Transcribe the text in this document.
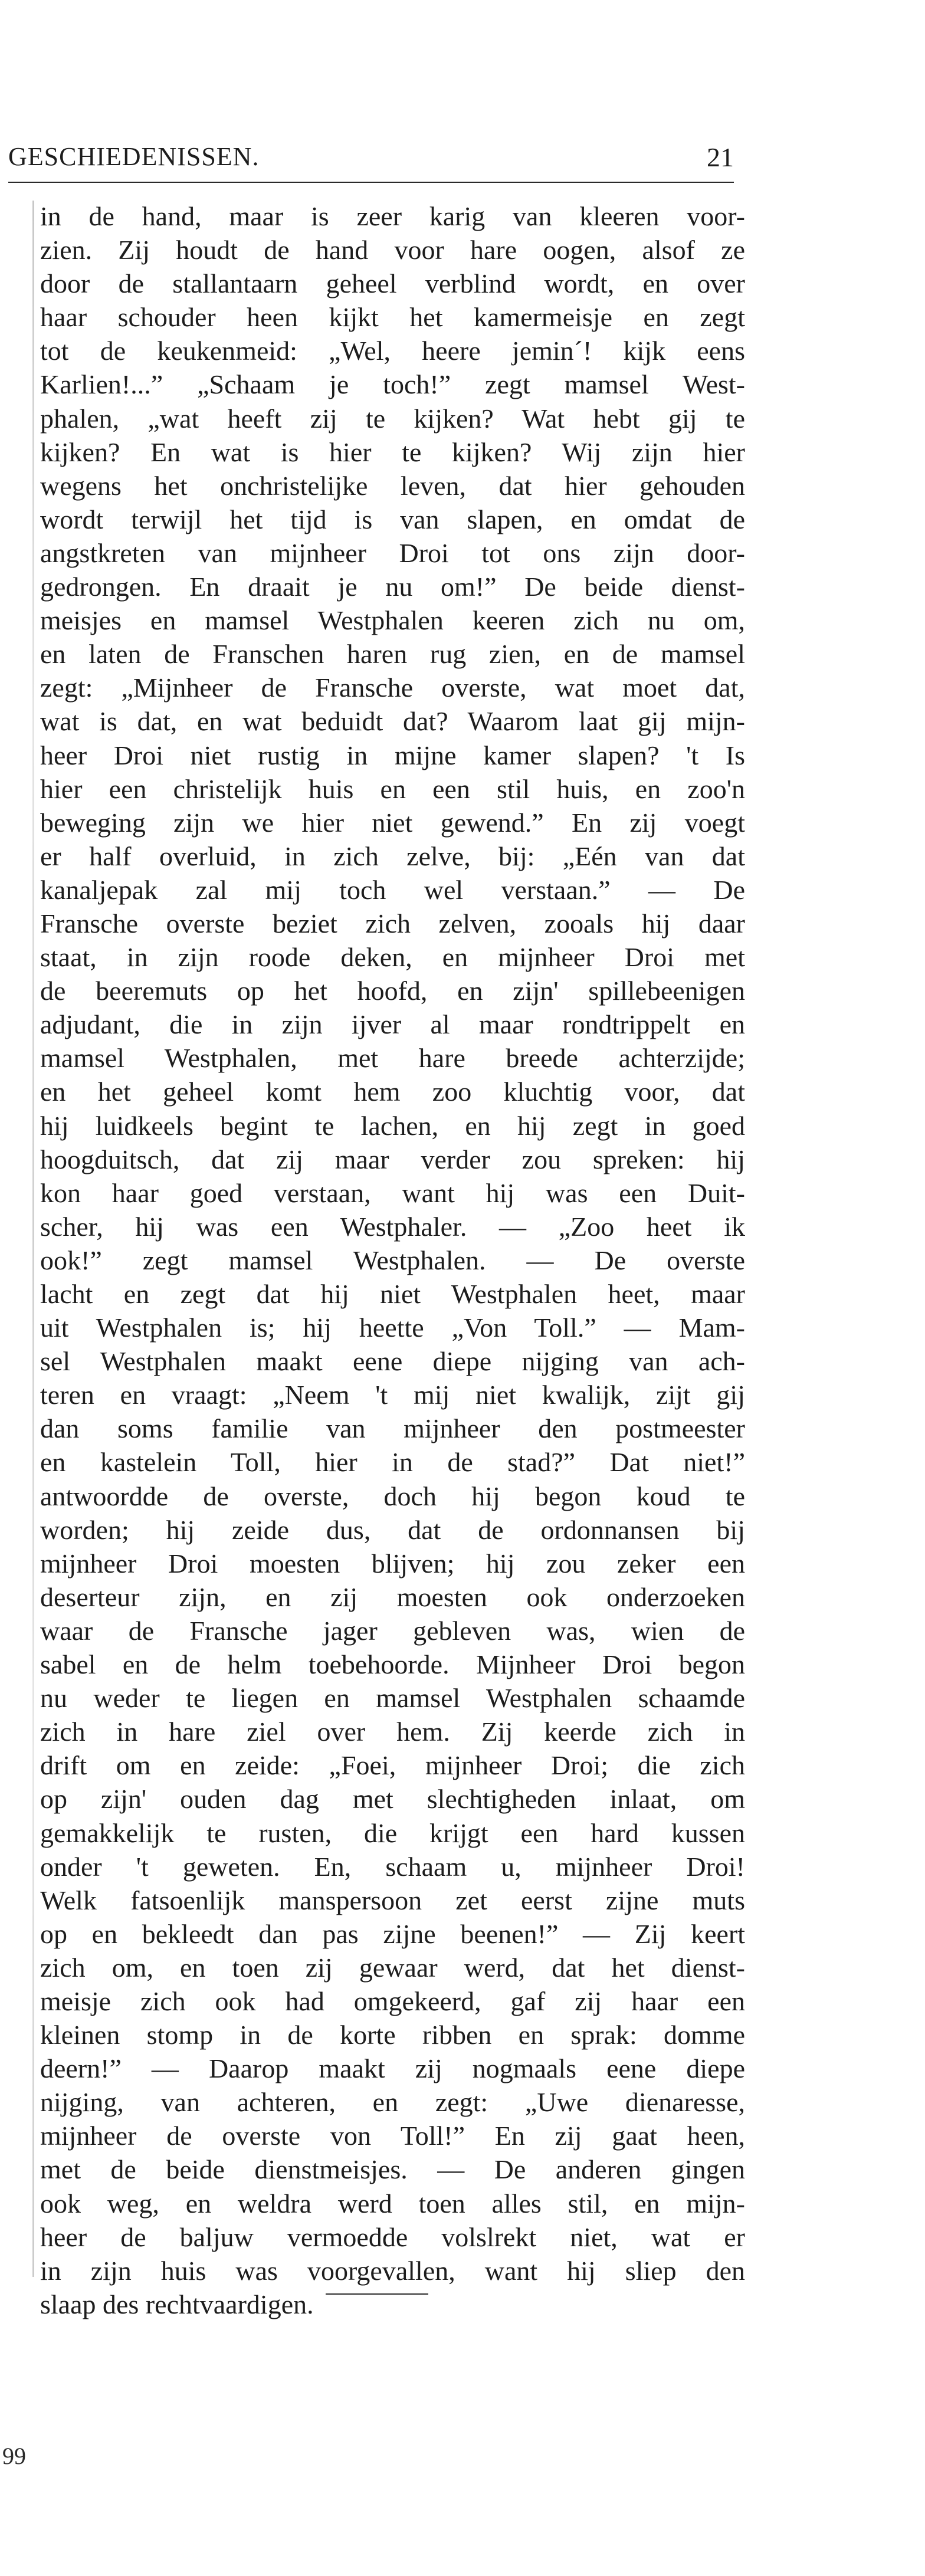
GESCHIEDENISSEN.	21
in de hand, maar is zeer karig van kleeren voor-
zien. Zij houdt de hand voor hare oogen, alsof ze
door de stallantaarn geheel verblind wordt, en over
haar schouder heen kijkt het kamermeisje en zegt
tot de keukenmeid: „Wel, heere jemin´! kijk eens
Karlien!...” „Schaam je toch!” zegt mamsel West-
phalen, „wat heeft zij te kijken? Wat hebt gij te
kijken? En wat is hier te kijken? Wij zijn hier
wegens het onchristelijke leven, dat hier gehouden
wordt terwijl het tijd is van slapen, en omdat de
angstkreten van mijnheer Droi tot ons zijn door-
gedrongen. En draait je nu om!” De beide dienst-
meisjes en mamsel Westphalen keeren zich nu om,
en laten de Franschen haren rug zien, en de mamsel
zegt: „Mijnheer de Fransche overste, wat moet dat,
wat is dat, en wat beduidt dat? Waarom laat gij mijn-
heer Droi niet rustig in mijne kamer slapen? 't Is
hier een christelijk huis en een stil huis, en zoo'n
beweging zijn we hier niet gewend.” En zij voegt
er half overluid, in zich zelve, bij: „Eén van dat
kanaljepak zal mij toch wel verstaan.” — De
Fransche overste beziet zich zelven, zooals hij daar
staat, in zijn roode deken, en mijnheer Droi met
de beeremuts op het hoofd, en zijn' spillebeenigen
adjudant, die in zijn ijver al maar rondtrippelt en
mamsel Westphalen, met hare breede achterzijde;
en het geheel komt hem zoo kluchtig voor, dat
hij luidkeels begint te lachen, en hij zegt in goed
hoogduitsch, dat zij maar verder zou spreken: hij
kon haar goed verstaan, want hij was een Duit-
scher, hij was een Westphaler. — „Zoo heet ik
ook!” zegt mamsel Westphalen. — De overste
lacht en zegt dat hij niet Westphalen heet, maar
uit Westphalen is; hij heette „Von Toll.” — Mam-
sel Westphalen maakt eene diepe nijging van ach-
teren en vraagt: „Neem 't mij niet kwalijk, zijt gij
dan soms familie van mijnheer den postmeester
en kastelein Toll, hier in de stad?” Dat niet!”
antwoordde de overste, doch hij begon koud te
worden; hij zeide dus, dat de ordonnansen bij
mijnheer Droi moesten blijven; hij zou zeker een
deserteur zijn, en zij moesten ook onderzoeken
waar de Fransche jager gebleven was, wien de
sabel en de helm toebehoorde. Mijnheer Droi begon
nu weder te liegen en mamsel Westphalen schaamde
zich in hare ziel over hem. Zij keerde zich in
drift om en zeide: „Foei, mijnheer Droi; die zich
op zijn' ouden dag met slechtigheden inlaat, om
gemakkelijk te rusten, die krijgt een hard kussen
onder 't geweten. En, schaam u, mijnheer Droi!
Welk fatsoenlijk manspersoon zet eerst zijne muts
op en bekleedt dan pas zijne beenen!” — Zij keert
zich om, en toen zij gewaar werd, dat het dienst-
meisje zich ook had omgekeerd, gaf zij haar een
kleinen stomp in de korte ribben en sprak: domme
deern!” — Daarop maakt zij nogmaals eene diepe
nijging, van achteren, en zegt: „Uwe dienaresse,
mijnheer de overste von Toll!” En zij gaat heen,
met de beide dienstmeisjes. — De anderen gingen
ook weg, en weldra werd toen alles stil, en mijn-
heer de baljuw vermoedde volslrekt niet, wat er
in zijn huis was voorgevallen, want hij sliep den
slaap des rechtvaardigen.
99
